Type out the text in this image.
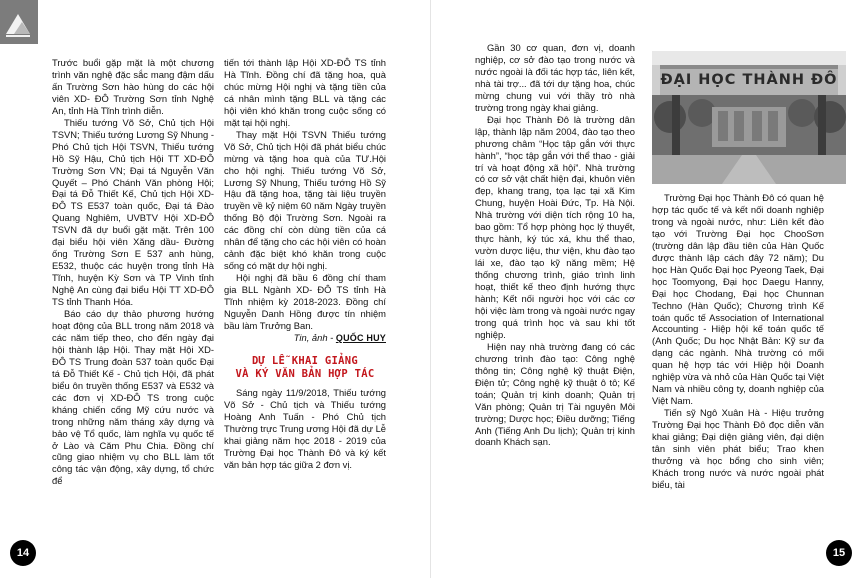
Trước buổi gặp mặt là một chương trình văn nghệ đặc sắc mang đậm dấu ấn Trường Sơn hào hùng do các hội viên XD- ĐÔ Trường Sơn tỉnh Nghệ An, tỉnh Hà Tĩnh trình diễn.

Thiếu tướng Võ Sở, Chủ tịch Hội TSVN; Thiếu tướng Lương Sỹ Nhung - Phó Chủ tịch Hội TSVN, Thiếu tướng Hồ Sỹ Hậu, Chủ tịch Hội TT XD-ĐÔ Trường Sơn VN; Đại tá Nguyễn Văn Quyết – Phó Chánh Văn phòng Hội; Đại tá Đỗ Thiết Kế, Chủ tịch Hội XD-ĐÔ TS E537 toàn quốc, Đại tá Đào Quang Nghiêm, UVBTV Hội XD-ĐÔ TSVN đã dự buổi gặt mặt. Trên 100 đại biểu hội viên Xăng dầu- Đường ống Trường Sơn E 537 anh hùng, E532, thuộc các huyện trong tỉnh Hà Tĩnh, huyện Kỳ Sơn và TP Vinh tỉnh Nghệ An cùng đại biểu Hội TT XD-ĐÔ TS tỉnh Thanh Hóa.

Báo cáo dự thảo phương hướng hoạt động của BLL trong năm 2018 và các năm tiếp theo, cho đến ngày đại hội thành lập Hội. Thay mặt Hội XD-ĐÔ TS Trung đoàn 537 toàn quốc Đại tá Đỗ Thiết Kế - Chủ tịch Hội, đã phát biểu ôn truyền thống E537 và E532 và các đơn vị XD-ĐÔ TS trong cuộc kháng chiến cống Mỹ cứu nước và trong những năm tháng xây dựng và bảo vệ Tổ quốc, làm nghĩa vụ quốc tế ở Lào và Căm Phu Chia. Đồng chí cũng giao nhiệm vụ cho BLL làm tốt công tác vận động, xây dựng, tổ chức để

tiến tới thành lập Hội XD-ĐÔ TS tỉnh Hà Tĩnh. Đồng chí đã tặng hoa, quà chúc mừng Hội nghị và tặng tiền của cá nhân mình tặng BLL và tặng các hội viên khó khăn trong cuộc sống có mặt tại hội nghị.

Thay mặt Hội TSVN Thiếu tướng Võ Sở, Chủ tịch Hội đã phát biểu chúc mừng và tặng hoa quà của TƯ.Hội cho hội nghị. Thiếu tướng Võ Sở, Lương Sỹ Nhung, Thiếu tướng Hồ Sỹ Hậu đã tặng hoa, tặng tài liệu truyền truyền về kỷ niệm 60 năm Ngày truyền thống Bộ đội Trường Sơn. Ngoài ra các đồng chí còn dùng tiền của cá nhân để tặng cho các hội viên có hoàn cảnh đặc biệt khó khăn trong cuộc sống có mặt dự hội nghị.

Hội nghị đã bầu 6 đồng chí tham gia BLL Ngành XD- ĐÔ TS tỉnh Hà Tĩnh nhiệm kỳ 2018-2023. Đồng chí Nguyễn Danh Hồng được tín nhiệm bầu làm Trưởng Ban.

Tin, ảnh - QUỐC HUY
DỰ LỄ KHAI GIẢNG
VÀ KÝ VĂN BẢN HỢP TÁC

Sáng ngày 11/9/2018, Thiếu tướng Võ Sở - Chủ tịch và Thiếu tướng Hoàng Anh Tuấn - Phó Chủ tịch Thường trực Trung ương Hội đã dự Lễ khai giảng năm học 2018 - 2019 của Trường Đại học Thành Đô và ký kết văn bản hợp tác giữa 2 đơn vị.

14

Gần 30 cơ quan, đơn vị, doanh nghiệp, cơ sở đào tạo trong nước và nước ngoài là đối tác hợp tác, liên kết, nhà tài trợ... đã tới dự tặng hoa, chúc mừng chung vui với thầy trò nhà trường trong ngày khai giảng.

Đại học Thành Đô là trường dân lập, thành lập năm 2004, đào tạo theo phương châm “Học tập gắn với thực hành”, “học tập gắn với thể thao - giải trí và hoạt động xã hội”. Nhà trường có cơ sở vật chất hiện đại, khuôn viên đẹp, khang trang, tọa lạc tại xã Kim Chung, huyện Hoài Đức, Tp. Hà Nội. Nhà trường với diện tích rộng 10 ha, bao gồm: Tổ hợp phòng học lý thuyết, thực hành, ký túc xá, khu thể thao, vườn dược liệu, thư viện, khu đào tạo lái xe, đào tạo kỹ năng mềm; Hệ thống chương trình, giáo trình linh hoạt, thiết kế theo định hướng thực hành; Kết nối người học với các cơ hội việc làm trong và ngoài nước ngay trong quá trình học và sau khi tốt nghiệp.

Hiện nay nhà trường đang có các chương trình đào tạo: Công nghệ thông tin; Công nghệ kỹ thuật Điện, Điện tử; Công nghệ kỹ thuật ô tô; Kế toán; Quản trị kinh doanh; Quản trị Văn phòng; Quản trị Tài nguyên Môi trường; Dược học; Điều dưỡng; Tiếng Anh (Tiếng Anh Du lịch); Quản trị kinh doanh Khách sạn.

ĐẠI HỌC THÀNH ĐÔ

Trường Đại học Thành Đô có quan hệ hợp tác quốc tế và kết nối doanh nghiệp trong và ngoài nước, như: Liên kết đào tạo với Trường Đại học ChooSơn (trường dân lập đầu tiên của Hàn Quốc được thành lập cách đây 72 năm); Du học Hàn Quốc Đại học Pyeong Taek, Đại học Toomyong, Đại học Daegu Hanny, Đại học Chodang, Đại học Chunnan Techno (Hàn Quốc); Chương trình Kế toán quốc tế Association of International Accounting - Hiệp hội kế toán quốc tế (Anh Quốc; Du học Nhật Bản: Kỹ sư đa dạng các ngành. Nhà trường có mối quan hệ hợp tác với Hiệp hội Doanh nghiệp vừa và nhỏ của Hàn Quốc tại Việt Nam và nhiều công ty, doanh nghiệp của Việt Nam.

Tiến sỹ Ngô Xuân Hà - Hiệu trưởng Trường Đại học Thành Đô đọc diễn văn khai giảng; Đại diện giảng viên, đại diện tân sinh viên phát biểu; Trao khen thưởng và học bổng cho sinh viên; Khách trong nước và nước ngoài phát biểu, tài

15
